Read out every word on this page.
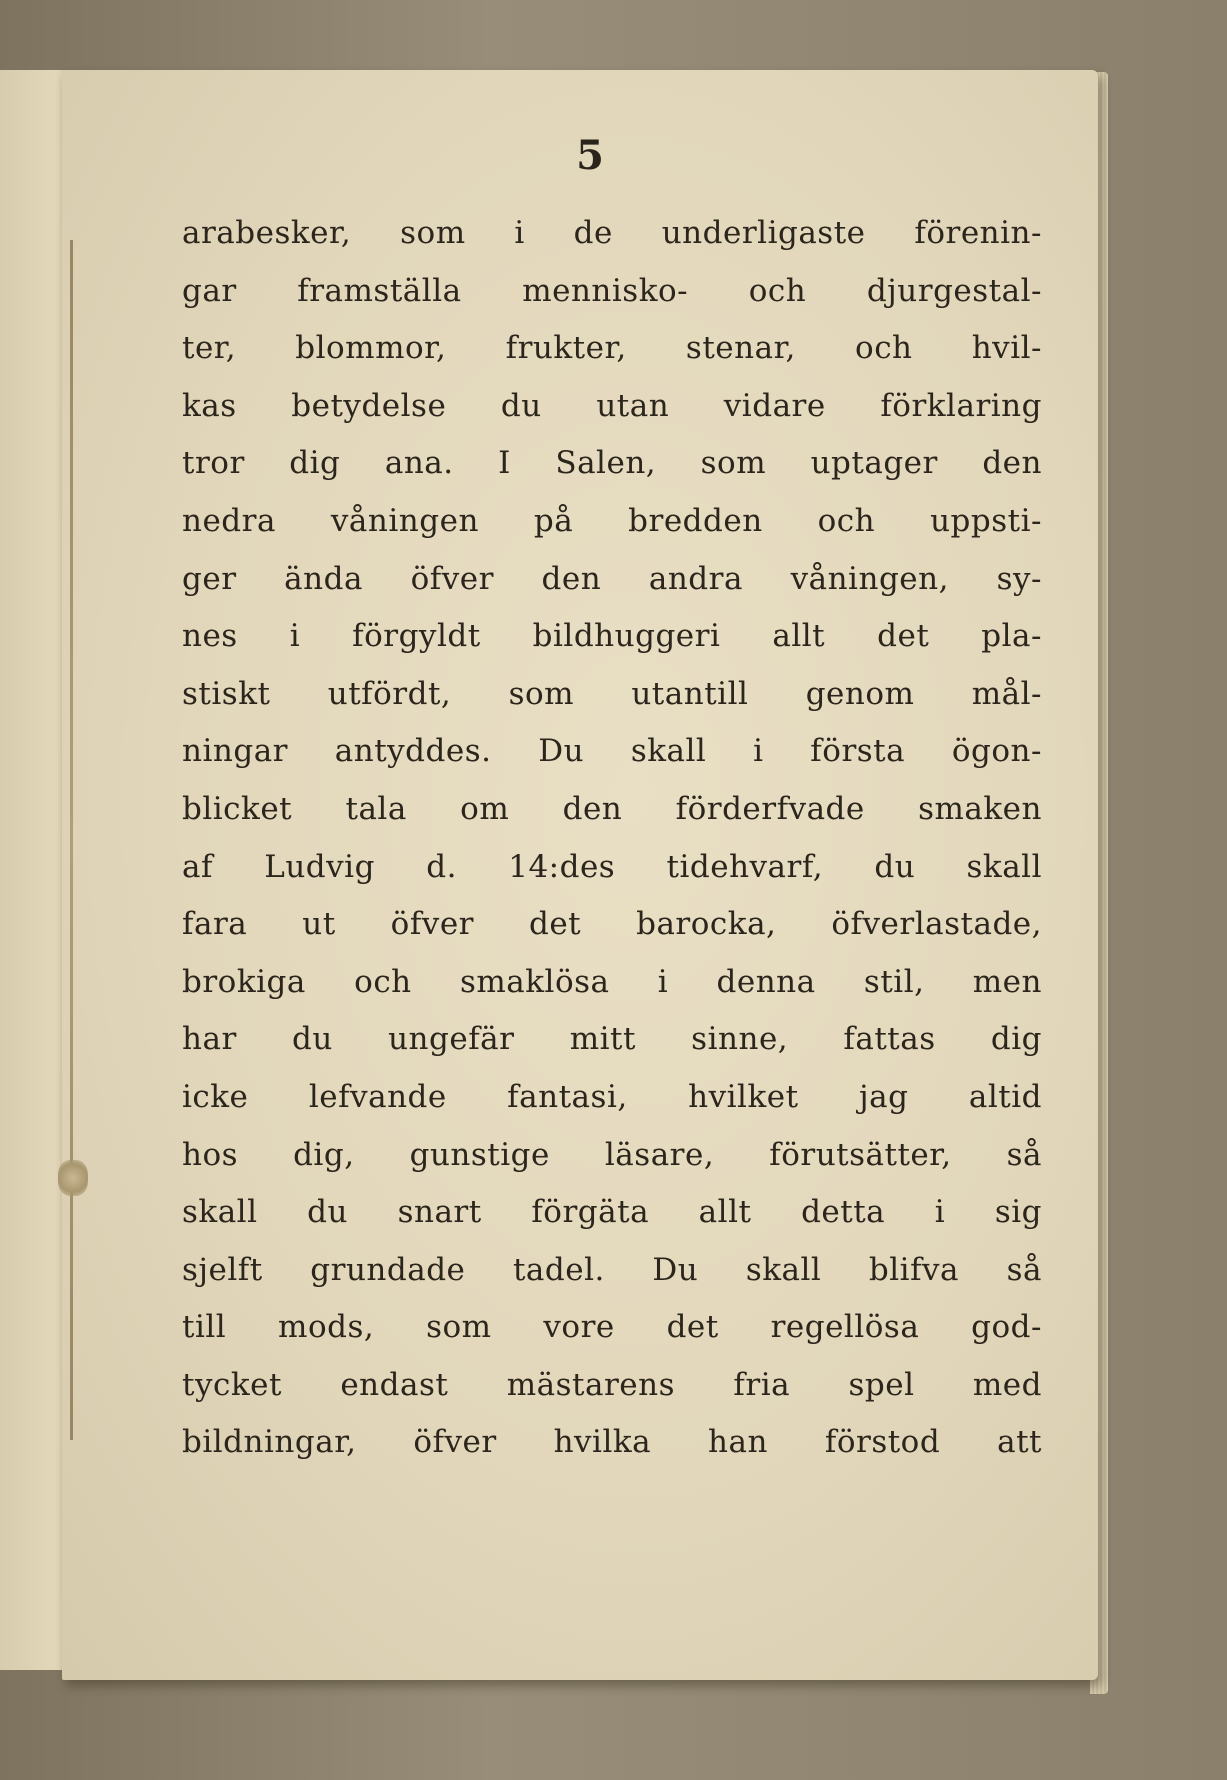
5
arabesker, som i de underligaste förenin-
gar framställa mennisko- och djurgestal-
ter, blommor, frukter, stenar, och hvil-
kas betydelse du utan vidare förklaring
tror dig ana. I Salen, som uptager den
nedra våningen på bredden och uppsti-
ger ända öfver den andra våningen, sy-
nes i förgyldt bildhuggeri allt det pla-
stiskt utfördt, som utantill genom mål-
ningar antyddes. Du skall i första ögon-
blicket tala om den förderfvade smaken
af Ludvig d. 14:des tidehvarf, du skall
fara ut öfver det barocka, öfverlastade,
brokiga och smaklösa i denna stil, men
har du ungefär mitt sinne, fattas dig
icke lefvande fantasi, hvilket jag altid
hos dig, gunstige läsare, förutsätter, så
skall du snart förgäta allt detta i sig
sjelft grundade tadel. Du skall blifva så
till mods, som vore det regellösa god-
tycket endast mästarens fria spel med
bildningar, öfver hvilka han förstod att
